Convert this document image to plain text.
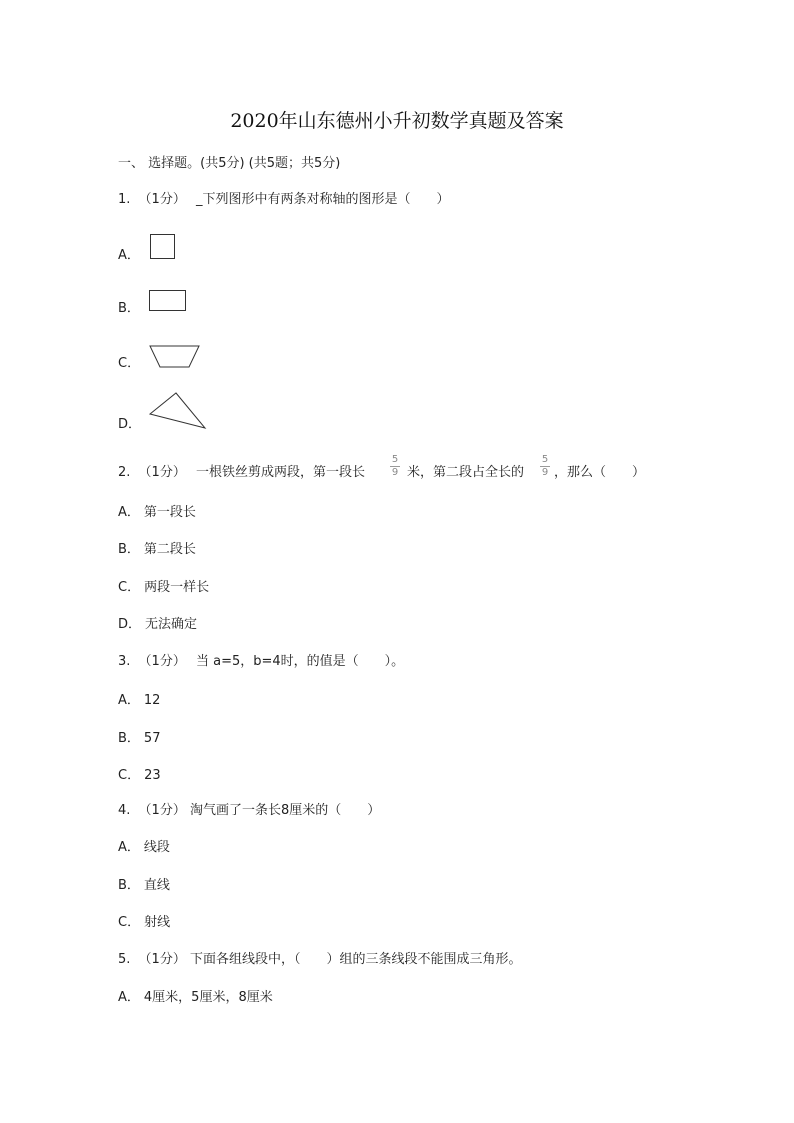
2020年山东德州小升初数学真题及答案
一、 选择题。(共5分) (共5题；共5分)
1. （1分） _下列图形中有两条对称轴的图形是（　　）
A．
B．
C．
D．
2. （1分） 一根铁丝剪成两段，第一段长
5
9 米，第二段占全长的
5
9 ，那么（　　）
A． 第一段长
B． 第二段长
C． 两段一样长
D． 无法确定
3. （1分） 当 a=5，b=4时，的值是（　　）。
A． 12
B． 57
C． 23
4. （1分） 淘气画了一条长8厘米的（　　）
A． 线段
B． 直线
C． 射线
5. （1分） 下面各组线段中，（　　）组的三条线段不能围成三角形。
A． 4厘米，5厘米，8厘米
